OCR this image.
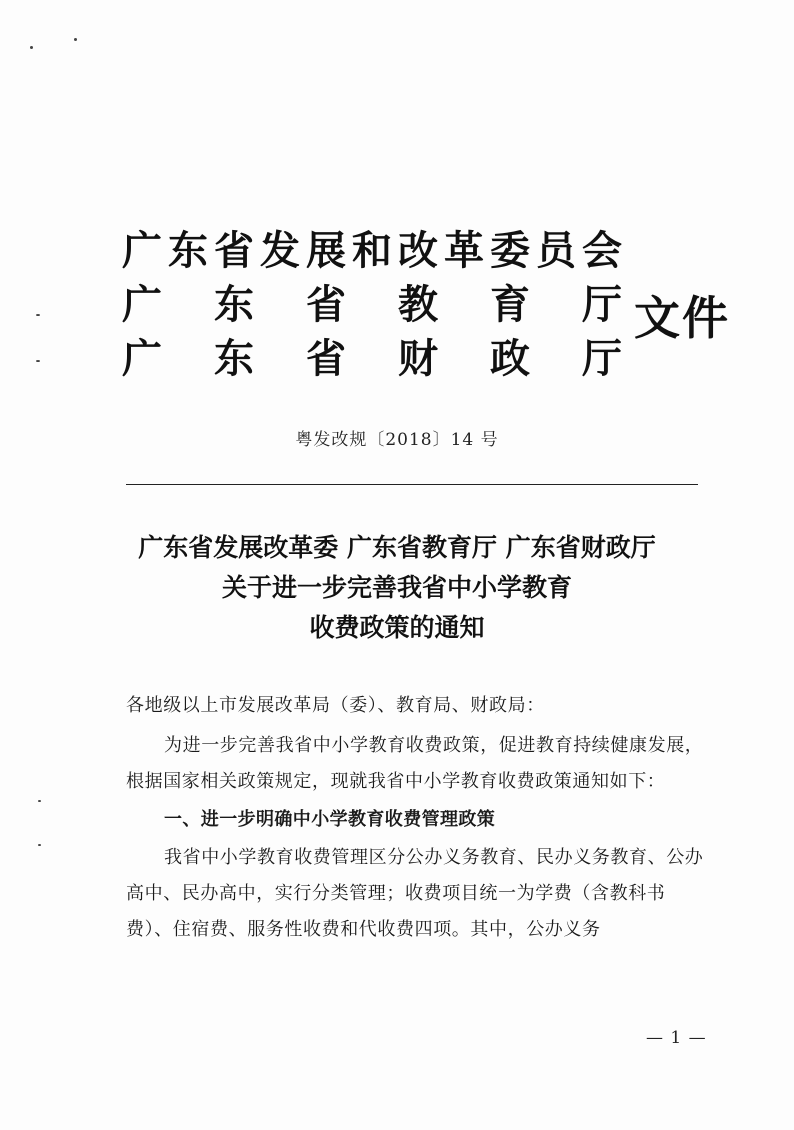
广 东 省 发 展 和 改 革 委 员 会
广 东 省 教 育 厅
广 东 省 财 政 厅
文件
粤发改规〔2018〕14 号
广东省发展改革委 广东省教育厅 广东省财政厅
关于进一步完善我省中小学教育
收费政策的通知

各地级以上市发展改革局（委）、教育局、财政局：

为进一步完善我省中小学教育收费政策，促进教育持续健康发展，根据国家相关政策规定，现就我省中小学教育收费政策通知如下：

一、进一步明确中小学教育收费管理政策

我省中小学教育收费管理区分公办义务教育、民办义务教育、公办高中、民办高中，实行分类管理；收费项目统一为学费（含教科书费）、住宿费、服务性收费和代收费四项。其中，公办义务

— 1 —
